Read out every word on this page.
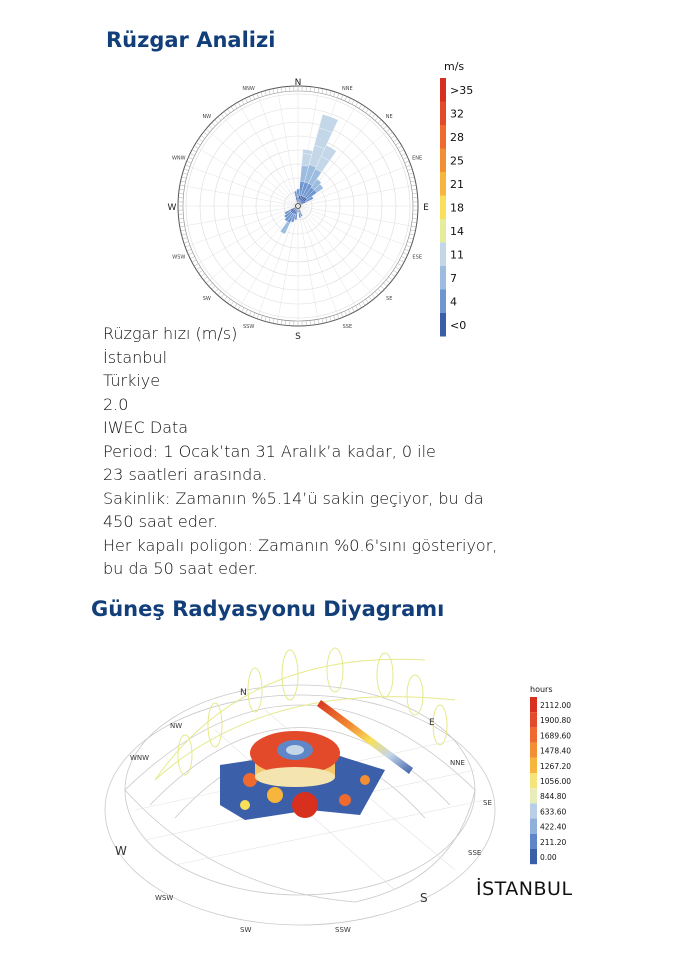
Rüzgar Analizi
N
E
S
W
NNE
NE
ENE
ESE
SE
SSE
SSW
SW
WSW
WNW
NW
NNW
m/s
>35
32
28
25
21
18
14
11
7
4
<0
Rüzgar hızı (m/s)
İstanbul
Türkiye
2.0
IWEC Data
Period: 1 Ocak’tan 31 Aralık’a kadar, 0 ile
23 saatleri arasında.
Sakinlik: Zamanın %5.14’ü sakin geçiyor, bu da
450 saat eder.
Her kapalı poligon: Zamanın %0.6'sını gösteriyor,
bu da 50 saat eder.
Güneş Radyasyonu Diyagramı
W
WSW
SW	SSW
S
SSE
SE
E
NNE
WNW
NW
N	hours
2112.00
1900.80
1689.60
1478.40
1267.20
1056.00
844.80
633.60
422.40
211.20
0.00
İSTANBUL
